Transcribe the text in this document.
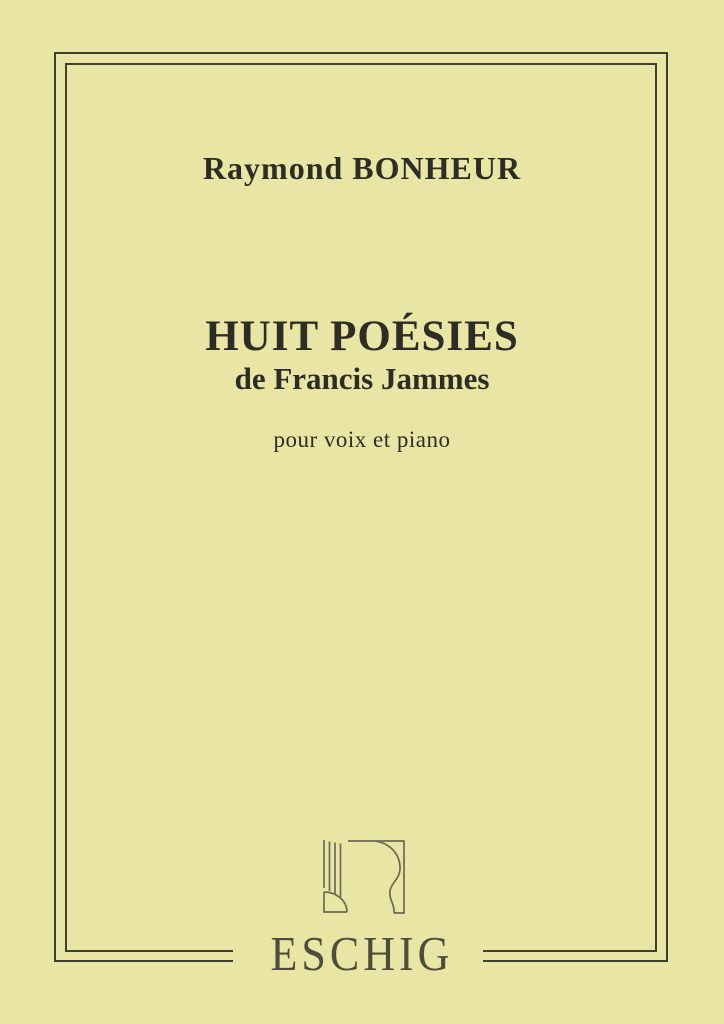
Raymond BONHEUR
HUIT POÉSIES
de Francis Jammes
pour voix et piano
ESCHIG
